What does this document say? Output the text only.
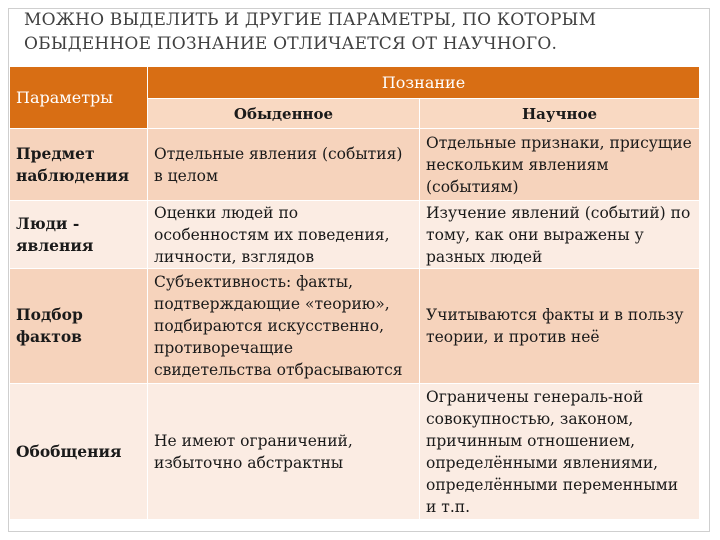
МОЖНО ВЫДЕЛИТЬ И ДРУГИЕ ПАРАМЕТРЫ, ПО КОТОРЫМ
ОБЫДЕННОЕ ПОЗНАНИЕ ОТЛИЧАЕТСЯ ОТ НАУЧНОГО.
Параметры
Познание
Обыденное	Научное
Предмет наблюдения
Отдельные явления (события) в целом
Отдельные признаки, присущие нескольким явлениям (событиям)
Люди - явления
Оценки людей по особенностям их поведения, личности, взглядов
Изучение явлений (событий) по тому, как они выражены у разных людей
Подбор фактов
Субъективность: факты, подтверждающие «теорию», подбираются искусственно, противоречащие свидетельства отбрасываются
Учитываются факты и в пользу теории, и против неё
Обобщения
Не имеют ограничений, избыточно абстрактны
Ограничены генераль-ной совокупностью, законом, причинным отношением, определёнными явлениями, определёнными переменными и т.п.
